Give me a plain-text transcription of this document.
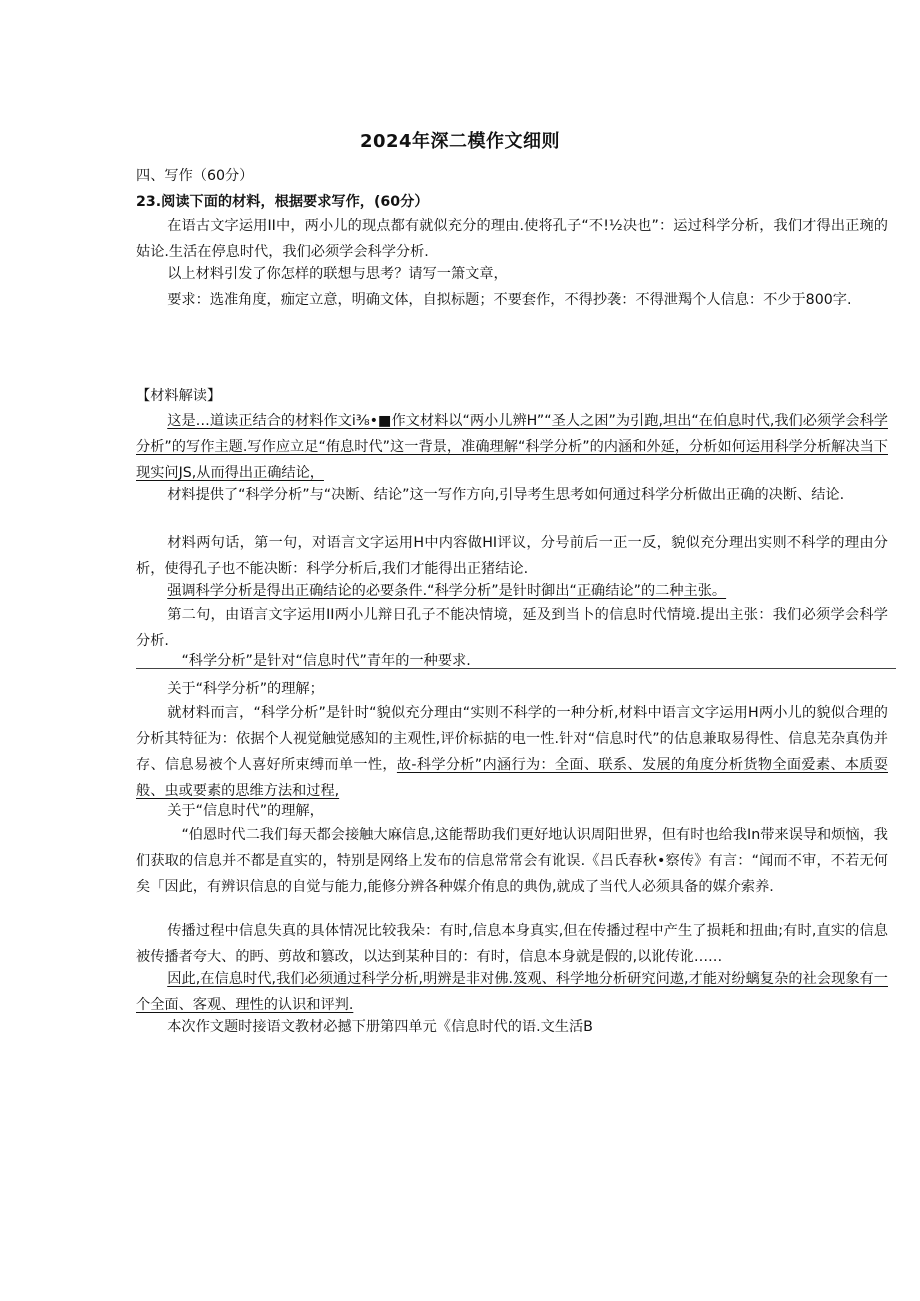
2024年深二模作文细则
四、写作（60分）
23.阅读下面的材料，根据要求写作，(60分）
在语古文字运用II中，两小儿的现点都有就似充分的理由.使将孔子“不!½决也”：运过科学分析，我们才得出正琬的姑论.生活在停息时代，我们必须学会科学分析.
以上材料引发了你怎样的联想与思考？请写一箫文章，
要求：选准角度，痂定立意，明确文体，自拟标题；不要套作，不得抄袭：不得泄羯个人信息：不少于800字.
【材料解读】
这是…道读正结合的材料作文i⅜•■作文材料以“两小儿辨H”“圣人之困”为引跑,坦出“在伯息时代,我们必须学会科学分析”的写作主题.写作应立足“侑息时代”这一背景，准确理解“科学分析”的内涵和外延，分析如何运用科学分析解决当下现实问JS,从而得出正确结论，
材料提供了“科学分析”与“决断、结论”这一写作方向,引导考生思考如何通过科学分析做出正确的决断、结论.
材料两句话，第一句，对语言文字运用H中内容做HI评议，分号前后一正一反，貌似充分理出实则不科学的理由分析，使得孔子也不能决断：科学分析后,我们才能得出正猪结论.
强调科学分析是得出正确结论的必要条件.“科学分析”是针时御出“正确结论”的二种主张。
第二句，由语言文字运用II两小儿辩日孔子不能决情境，延及到当卜的信息时代情境.提出主张：我们必须学会科学分析.
“科学分析”是针对“信息时代”青年的一种要求.
关于“科学分析”的理解；
就材料而言，“科学分析”是针时“貌似充分理由“实则不科学的一种分析,材料中语言文字运用H两小儿的貌似合理的分析其特征为：依据个人视觉触觉感知的主观性,评价标掂的电一性.针对“信息时代”的估息兼取易得性、信息芜杂真伪并存、信息易被个人喜好所束缚而单一性，故-科学分析”内涵行为：全面、联系、发展的角度分析货物全面爱素、本质耍般、虫或要素的思维方法和过程,
关于“信息时代”的理解，
“伯恩时代二我们每天都会接触大麻信息,这能帮助我们更好地认识周阳世界，但有时也给我In带来误导和烦恼，我们获取的信息并不都是直实的，特别是网络上发布的信息常常会有讹误.《吕氏春秋•察传》有言：“闻而不审，不若无何矣「因此，有辨识信息的自觉与能力,能修分辨各种媒介侑息的典伪,就成了当代人必须具备的媒介索养.
传播过程中信息失真的具体情况比较我朵：有时,信息本身真实,但在传播过程中产生了损耗和扭曲;有时,直实的信息被传播者夸大、的眄、剪故和篡改，以达到某种目的：有时，信息本身就是假的,以讹传讹……
因此,在信息时代,我们必须通过科学分析,明辨是非对佛.笈观、科学地分析研究问遨,才能对纷螭复杂的社会现象有一个全面、客观、理性的认识和评判.
本次作文题时接语文教材必撼下册第四单元《信息时代的语.文生活B
